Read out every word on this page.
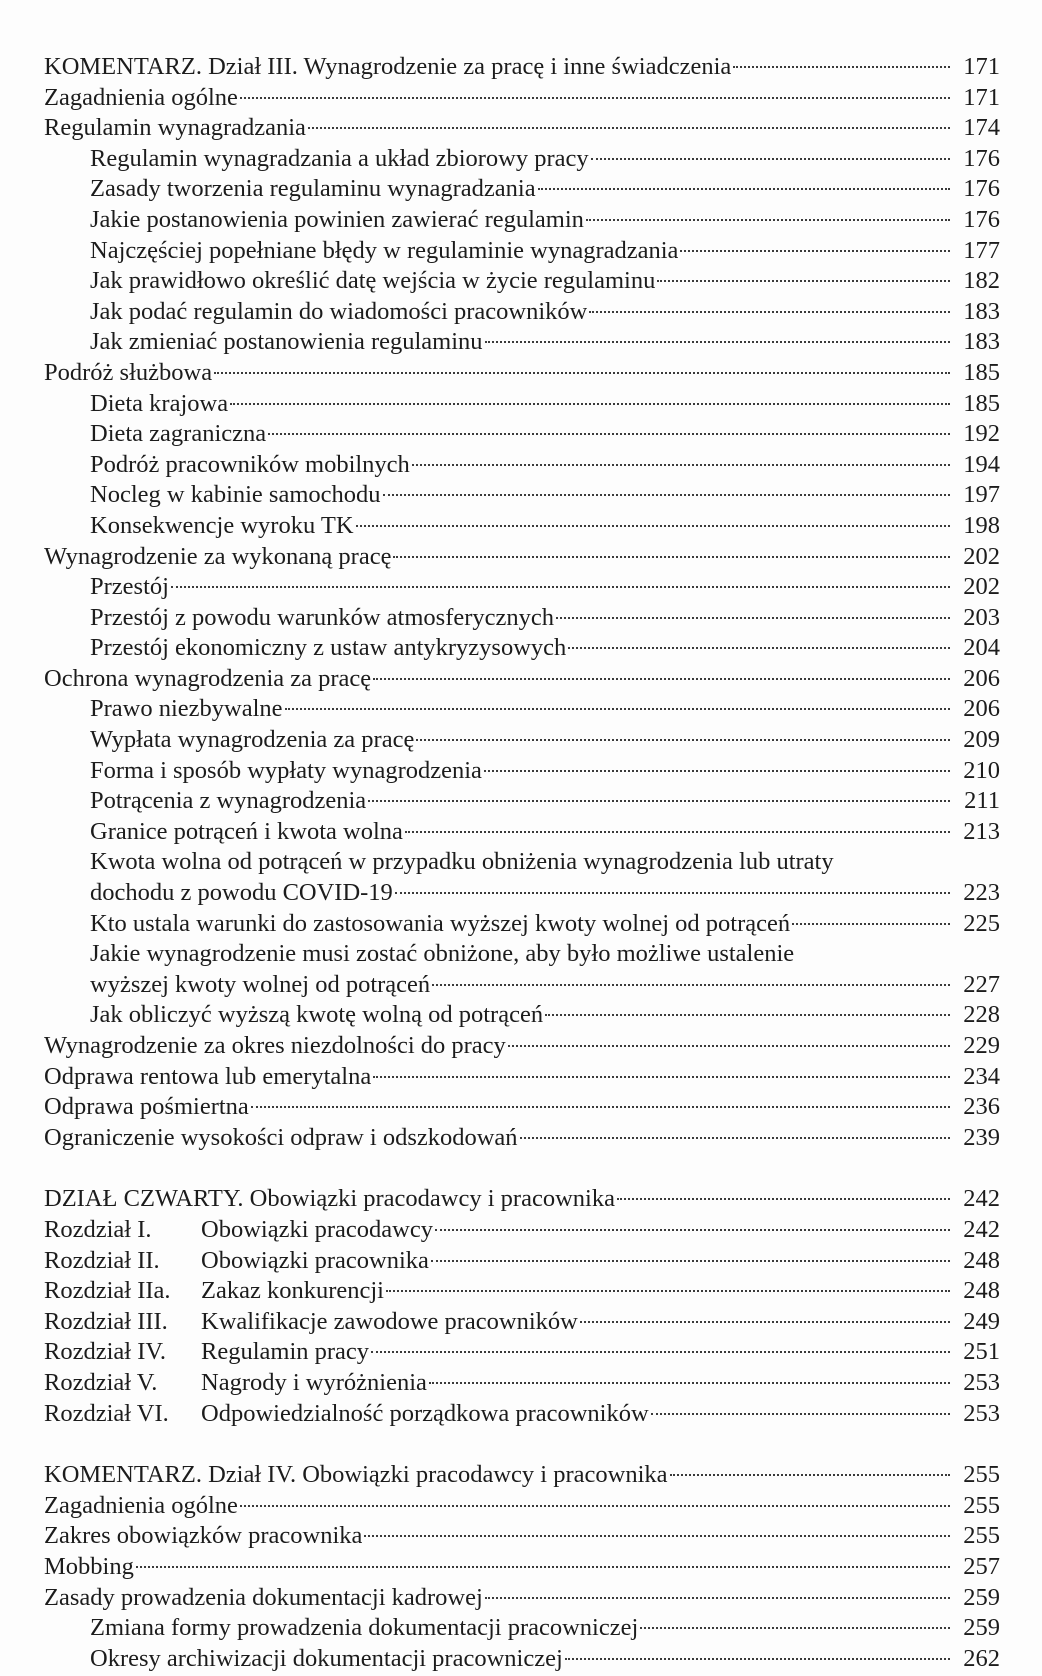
KOMENTARZ. Dział III. Wynagrodzenie za pracę i inne świadczenia	171
Zagadnienia ogólne	171
Regulamin wynagradzania	174
Regulamin wynagradzania a układ zbiorowy pracy	176
Zasady tworzenia regulaminu wynagradzania	176
Jakie postanowienia powinien zawierać regulamin	176
Najczęściej popełniane błędy w regulaminie wynagradzania	177
Jak prawidłowo określić datę wejścia w życie regulaminu	182
Jak podać regulamin do wiadomości pracowników	183
Jak zmieniać postanowienia regulaminu	183
Podróż służbowa	185
Dieta krajowa	185
Dieta zagraniczna	192
Podróż pracowników mobilnych	194
Nocleg w kabinie samochodu	197
Konsekwencje wyroku TK	198
Wynagrodzenie za wykonaną pracę	202
Przestój	202
Przestój z powodu warunków atmosferycznych	203
Przestój ekonomiczny z ustaw antykryzysowych	204
Ochrona wynagrodzenia za pracę	206
Prawo niezbywalne	206
Wypłata wynagrodzenia za pracę	209
Forma i sposób wypłaty wynagrodzenia	210
Potrącenia z wynagrodzenia	211
Granice potrąceń i kwota wolna	213
Kwota wolna od potrąceń w przypadku obniżenia wynagrodzenia lub utraty
dochodu z powodu COVID-19	223
Kto ustala warunki do zastosowania wyższej kwoty wolnej od potrąceń	225
Jakie wynagrodzenie musi zostać obniżone, aby było możliwe ustalenie
wyższej kwoty wolnej od potrąceń	227
Jak obliczyć wyższą kwotę wolną od potrąceń	228
Wynagrodzenie za okres niezdolności do pracy	229
Odprawa rentowa lub emerytalna	234
Odprawa pośmiertna	236
Ograniczenie wysokości odpraw i odszkodowań	239
DZIAŁ CZWARTY. Obowiązki pracodawcy i pracownika	242
Rozdział I.	Obowiązki pracodawcy	242
Rozdział II.	Obowiązki pracownika	248
Rozdział IIa.	Zakaz konkurencji	248
Rozdział III.	Kwalifikacje zawodowe pracowników	249
Rozdział IV.	Regulamin pracy	251
Rozdział V.	Nagrody i wyróżnienia	253
Rozdział VI.	Odpowiedzialność porządkowa pracowników	253
KOMENTARZ. Dział IV. Obowiązki pracodawcy i pracownika	255
Zagadnienia ogólne	255
Zakres obowiązków pracownika	255
Mobbing	257
Zasady prowadzenia dokumentacji kadrowej	259
Zmiana formy prowadzenia dokumentacji pracowniczej	259
Okresy archiwizacji dokumentacji pracowniczej	262
